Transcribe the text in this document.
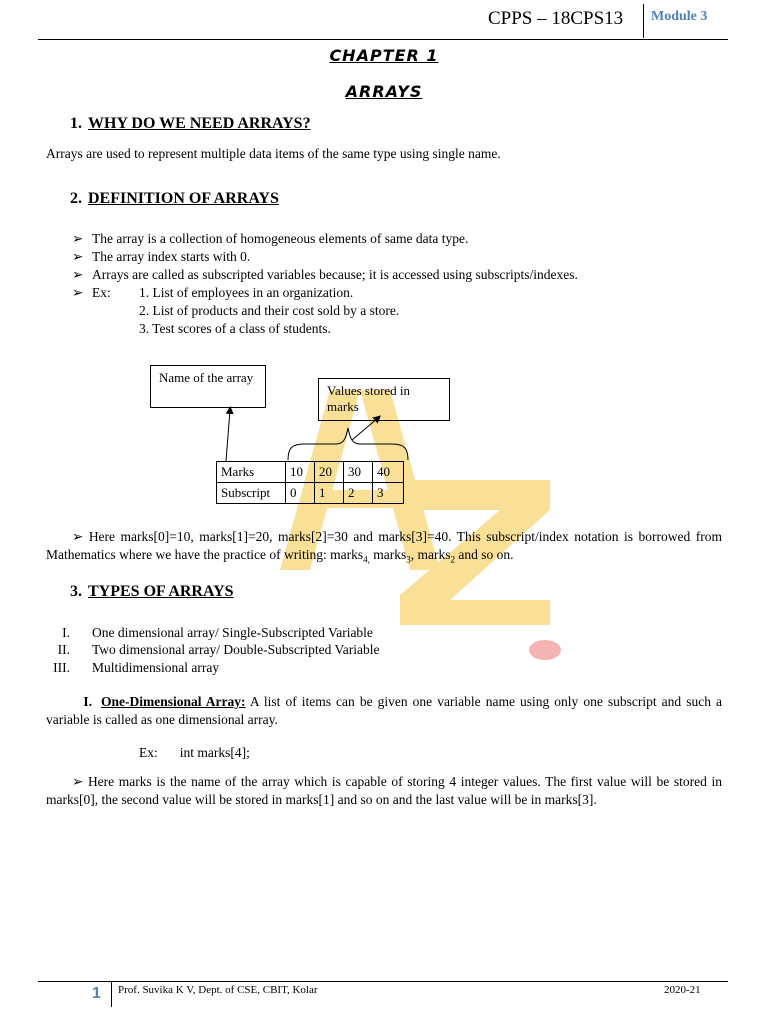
CPPS – 18CPS13 Module 3
CHAPTER 1
ARRAYS
1. WHY DO WE NEED ARRAYS?
Arrays are used to represent multiple data items of the same type using single name.
2. DEFINITION OF ARRAYS
➢ The array is a collection of homogeneous elements of same data type.
➢ The array index starts with 0.
➢ Arrays are called as subscripted variables because; it is accessed using subscripts/indexes.
➢ Ex: 1. List of employees in an organization.
2. List of products and their cost sold by a store.
3. Test scores of a class of students.
Name of the array
Values stored in marks
Marks	10	20	30	40
Subscript	0	1	2	3
➢ Here marks[0]=10, marks[1]=20, marks[2]=30 and marks[3]=40. This subscript/index notation is borrowed from Mathematics where we have the practice of writing: marks$_{4,}$ marks$_3$, marks$_2$ and so on.
3. TYPES OF ARRAYS
I. One dimensional array/ Single-Subscripted Variable
II. Two dimensional array/ Double-Subscripted Variable
III. Multidimensional array
I. One-Dimensional Array: A list of items can be given one variable name using only one subscript and such a variable is called as one dimensional array.
Ex: int marks[4];
➢ Here marks is the name of the array which is capable of storing 4 integer values. The first value will be stored in marks[0], the second value will be stored in marks[1] and so on and the last value will be in marks[3].
1 Prof. Suvika K V, Dept. of CSE, CBIT, Kolar	2020-21
